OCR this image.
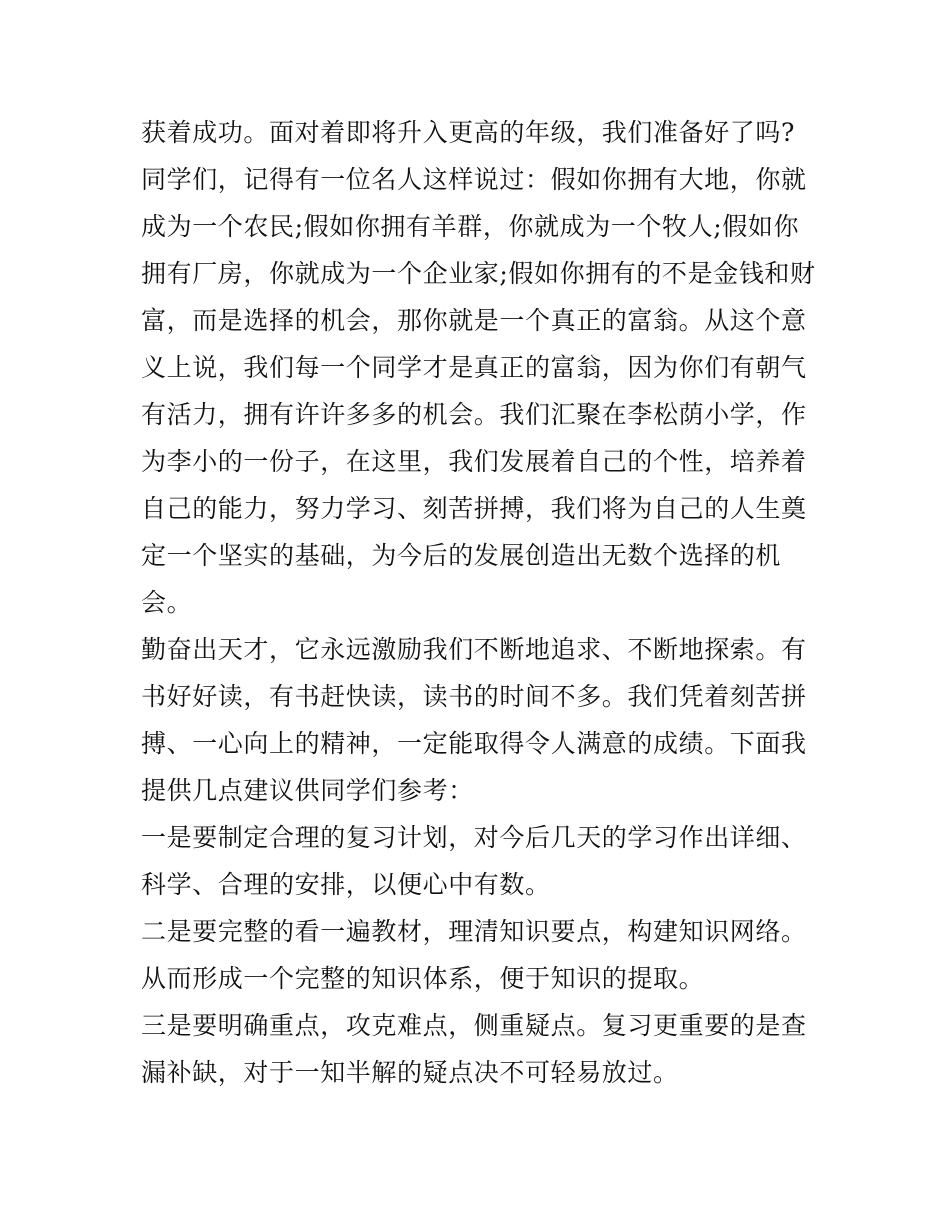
获着成功。面对着即将升入更高的年级，我们准备好了吗?

同学们，记得有一位名人这样说过：假如你拥有大地，你就成为一个农民;假如你拥有羊群，你就成为一个牧人;假如你拥有厂房，你就成为一个企业家;假如你拥有的不是金钱和财富，而是选择的机会，那你就是一个真正的富翁。从这个意义上说，我们每一个同学才是真正的富翁，因为你们有朝气有活力，拥有许许多多的机会。我们汇聚在李松荫小学，作为李小的一份子，在这里，我们发展着自己的个性，培养着自己的能力，努力学习、刻苦拼搏，我们将为自己的人生奠定一个坚实的基础，为今后的发展创造出无数个选择的机会。

勤奋出天才，它永远激励我们不断地追求、不断地探索。有书好好读，有书赶快读，读书的时间不多。我们凭着刻苦拼搏、一心向上的精神，一定能取得令人满意的成绩。下面我提供几点建议供同学们参考：

一是要制定合理的复习计划，对今后几天的学习作出详细、科学、合理的安排，以便心中有数。

二是要完整的看一遍教材，理清知识要点，构建知识网络。从而形成一个完整的知识体系，便于知识的提取。

三是要明确重点，攻克难点，侧重疑点。复习更重要的是查漏补缺，对于一知半解的疑点决不可轻易放过。
